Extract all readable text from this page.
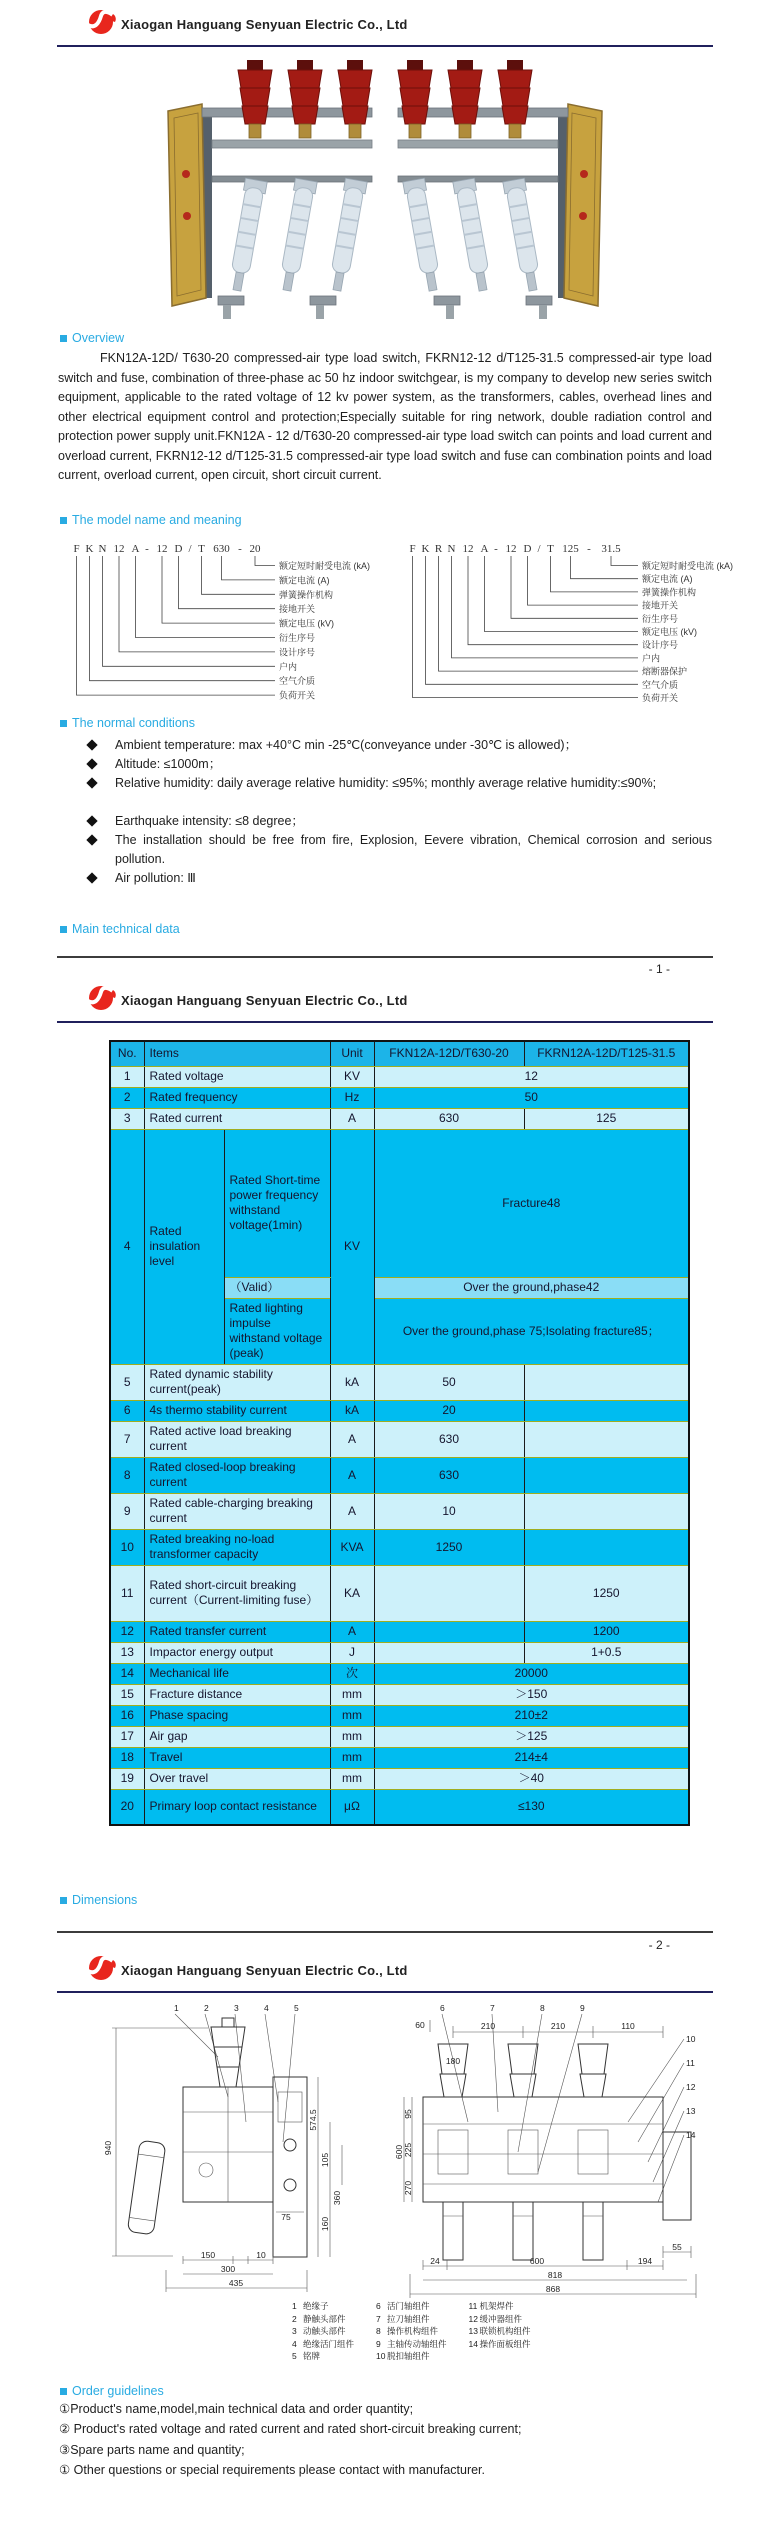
Xiaogan Hanguang Senyuan Electric Co., Ltd
Overview
FKN12A-12D/ T630-20 compressed-air type load switch, FKRN12-12 d/T125-31.5 compressed-air type load switch and fuse, combination of three-phase ac 50 hz indoor switchgear, is my company to develop new series switch equipment, applicable to the rated voltage of 12 kv power system, as the transformers, cables, overhead lines and other electrical equipment control and protection;Especially suitable for ring network, double radiation control and protection power supply unit.FKN12A - 12 d/T630-20 compressed-air type load switch can points and load current and overload current, FKRN12-12 d/T125-31.5 compressed-air type load switch and fuse can combination points and load current, overload current, open circuit, short circuit current.
The model name and meaning
F K N 12 A - 12 D / T 630 - 20
额定短时耐受电流 (kA)
额定电流 (A)
弹簧操作机构
接地开关
额定电压 (kV)
衍生序号
设计序号
户内
空气介质
负荷开关
F K R N 12 A - 12 D / T 125 - 31.5
额定短时耐受电流 (kA)
额定电流 (A)
弹簧操作机构
接地开关
衍生序号
额定电压 (kV)
设计序号
户内
熔断器保护
空气介质
负荷开关
The normal conditions
Ambient temperature: max +40°C min -25℃(conveyance under -30℃ is allowed)；
Altitude: ≤1000m；
Relative humidity: daily average relative humidity: ≤95%; monthly average relative humidity:≤90%;
Earthquake intensity: ≤8 degree；
The installation should be free from fire, Explosion, Eevere vibration, Chemical corrosion and serious pollution.
Air pollution: Ⅲ
Main technical data
- 1 -
Xiaogan Hanguang Senyuan Electric Co., Ltd
No.	Items		Unit	FKN12A-12D/T630-20	FKRN12A-12D/T125-31.5
1	Rated voltage		KV	12	
2	Rated frequency		Hz	50	
3	Rated current		A	630	125
4	Rated insulation level	Rated Short-time power frequency withstand voltage(1min)	KV	Fracture48	
		（Valid）		Over the ground,phase42	
		Rated lighting impulse withstand voltage (peak)		Over the ground,phase 75;Isolating fracture85；	
5	Rated dynamic stability current(peak)		kA	50	
6	4s thermo stability current		kA	20	
7	Rated active load breaking current		A	630	
8	Rated closed-loop breaking current		A	630	
9	Rated cable-charging breaking current		A	10	
10	Rated breaking no-load transformer capacity		KVA	1250	
11	Rated short-circuit breaking current（Current-limiting fuse）		KA		1250
12	Rated transfer current		A		1200
13	Impactor energy output		J		1+0.5
14	Mechanical life		次	20000	
15	Fracture distance		mm	＞150	
16	Phase spacing		mm	210±2	
17	Air gap		mm	＞125	
18	Travel		mm	214±4	
19	Over travel		mm	＞40	
20	Primary loop contact resistance		μΩ	≤130	
Dimensions
- 2 -
Xiaogan Hanguang Senyuan Electric Co., Ltd
1	2	3	4	5
940
574.5
360
105
160
75
150	10
300
435
6	7	8	9
10
11
12
13
14
210	210	110
60
180
55
95
225
270
600
24	600	194
818
868
1 绝缘子
2 静触头部件
3 动触头部件
4 绝缘活门组件
5 铭牌
6 活门轴组件
7 拉刀轴组件
8 操作机构组件
9 主轴传动轴组件
10 脱扣轴组件
11 机架焊件
12 缓冲器组件
13 联锁机构组件
14 操作面板组件
Order guidelines
①Product's name,model,main technical data and order quantity;
② Product's rated voltage and rated current and rated short-circuit breaking current;
③Spare parts name and quantity;
① Other questions or special requirements please contact with manufacturer.
